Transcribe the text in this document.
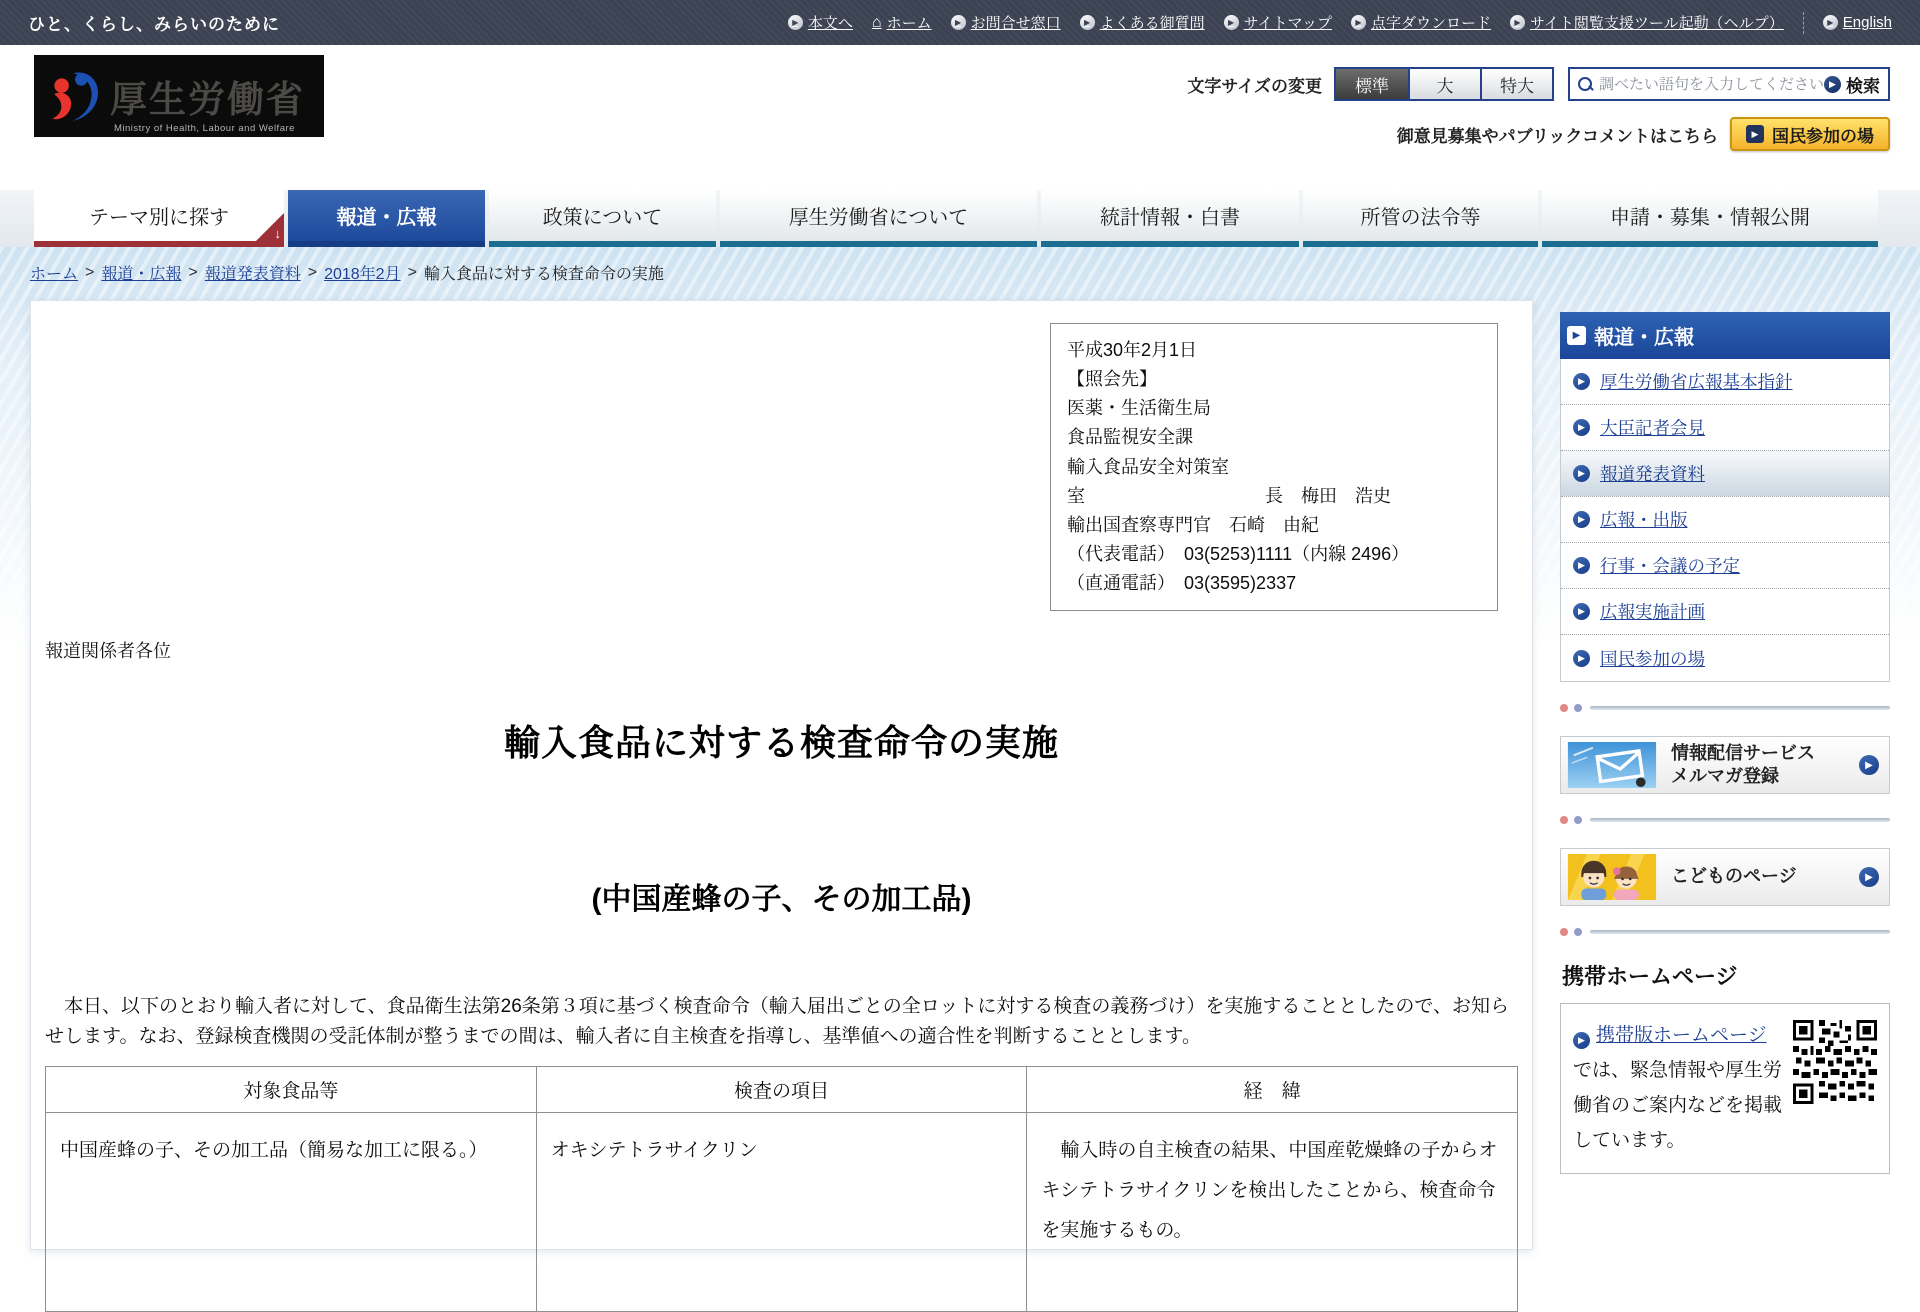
ひと、くらし、みらいのために	▶ 本文へ ⌂ ホーム	▶ お問合せ窓口	▶ よくある御質問	▶ サイトマップ	▶ 点字ダウンロード	▶ サイト閲覧支援ツール起動（ヘルプ）	▶ English
厚生労働省
Ministry of Health, Labour and Welfare
文字サイズの変更	標準	大	特大
調べたい語句を入力してください	▶ 検索
御意見募集やパブリックコメントはこちら	▶ 国民参加の場
テーマ別に探す
↓
報道・広報	政策について	厚生労働省について	統計情報・白書	所管の法令等	申請・募集・情報公開
ホーム > 報道・広報 > 報道発表資料 > 2018年2月 > 輸入食品に対する検査命令の実施
平成30年2月1日
【照会先】
医薬・生活衛生局
食品監視安全課
輸入食品安全対策室
室　　　　　　　　　　長　梅田　浩史
輸出国査察専門官　石崎　由紀
（代表電話）　03(5253)1111（内線 2496）
（直通電話）　03(3595)2337
報道関係者各位
輸入食品に対する検査命令の実施
(中国産蜂の子、その加工品)

　本日、以下のとおり輸入者に対して、食品衛生法第26条第３項に基づく検査命令（輸入届出ごとの全ロットに対する検査の義務づけ）を実施することとしたので、お知らせします。なお、登録検査機関の受託体制が整うまでの間は、輸入者に自主検査を指導し、基準値への適合性を判断することとします。

対象食品等	検査の項目	経　緯
中国産蜂の子、その加工品（簡易な加工に限る。）	オキシテトラサイクリン	　輸入時の自主検査の結果、中国産乾燥蜂の子からオキシテトラサイクリンを検出したことから、検査命令を実施するもの。
▶ 報道・広報
▶ 厚生労働省広報基本指針
▶ 大臣記者会見
▶ 報道発表資料
▶ 広報・出版
▶ 行事・会議の予定
▶ 広報実施計画
▶ 国民参加の場
情報配信サービス
メルマガ登録
▶
こどものページ	▶
携帯ホームページ
▶ 携帯版ホームページでは、緊急情報や厚生労働省のご案内などを掲載しています。
